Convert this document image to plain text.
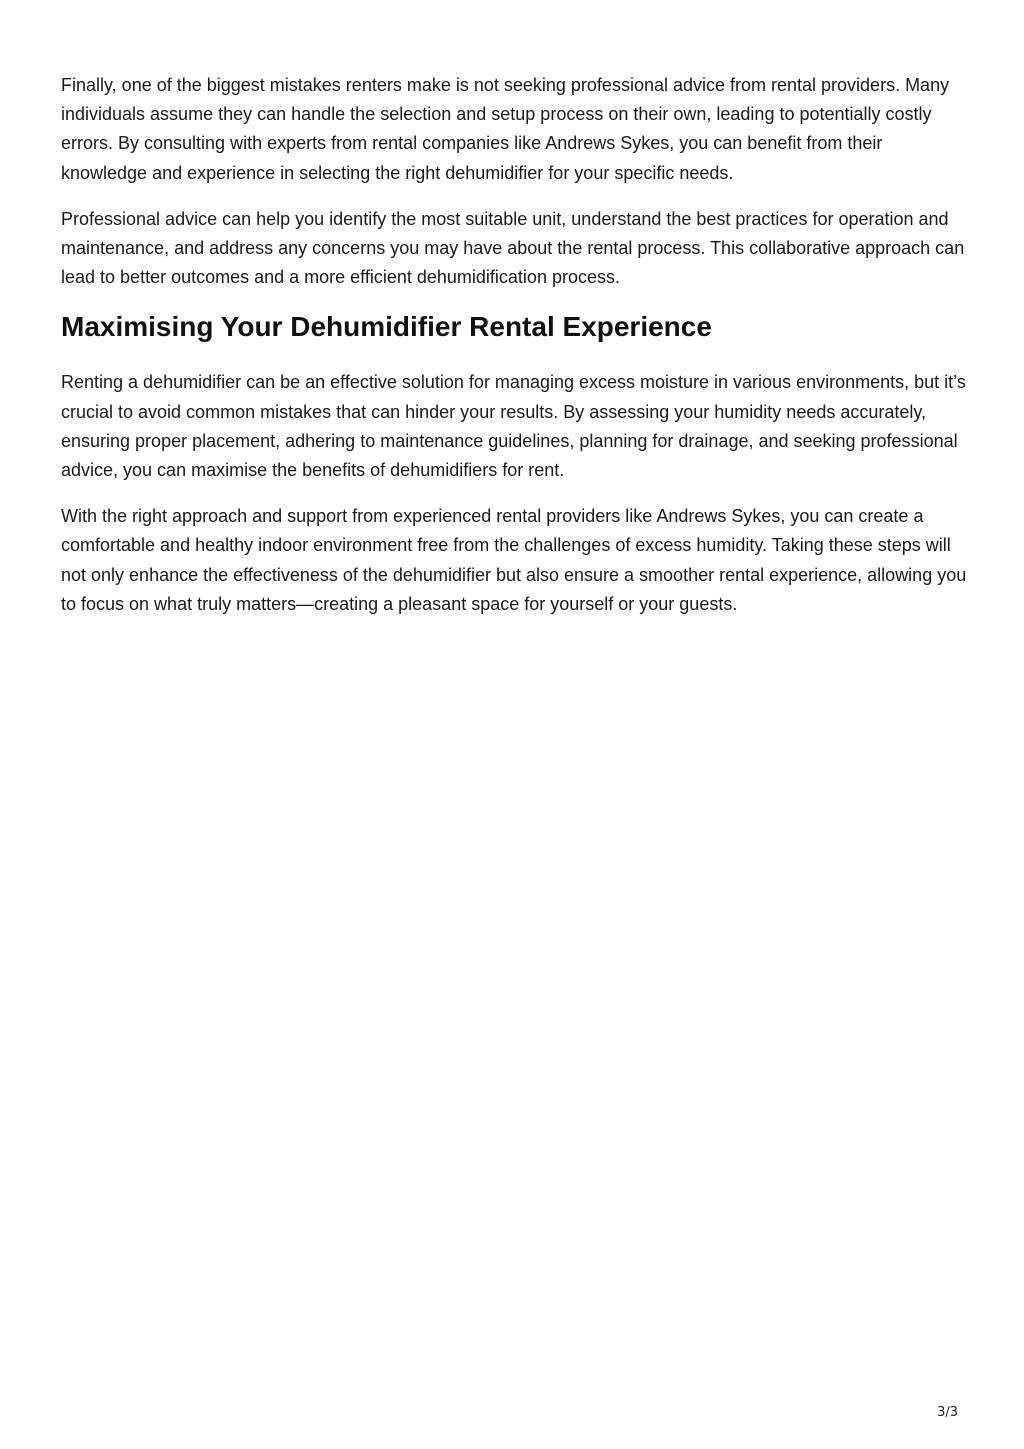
Finally, one of the biggest mistakes renters make is not seeking professional advice from rental providers. Many individuals assume they can handle the selection and setup process on their own, leading to potentially costly errors. By consulting with experts from rental companies like Andrews Sykes, you can benefit from their knowledge and experience in selecting the right dehumidifier for your specific needs.

Professional advice can help you identify the most suitable unit, understand the best practices for operation and maintenance, and address any concerns you may have about the rental process. This collaborative approach can lead to better outcomes and a more efficient dehumidification process.

Maximising Your Dehumidifier Rental Experience

Renting a dehumidifier can be an effective solution for managing excess moisture in various environments, but it’s crucial to avoid common mistakes that can hinder your results. By assessing your humidity needs accurately, ensuring proper placement, adhering to maintenance guidelines, planning for drainage, and seeking professional advice, you can maximise the benefits of dehumidifiers for rent.

With the right approach and support from experienced rental providers like Andrews Sykes, you can create a comfortable and healthy indoor environment free from the challenges of excess humidity. Taking these steps will not only enhance the effectiveness of the dehumidifier but also ensure a smoother rental experience, allowing you to focus on what truly matters—creating a pleasant space for yourself or your guests.

3/3
